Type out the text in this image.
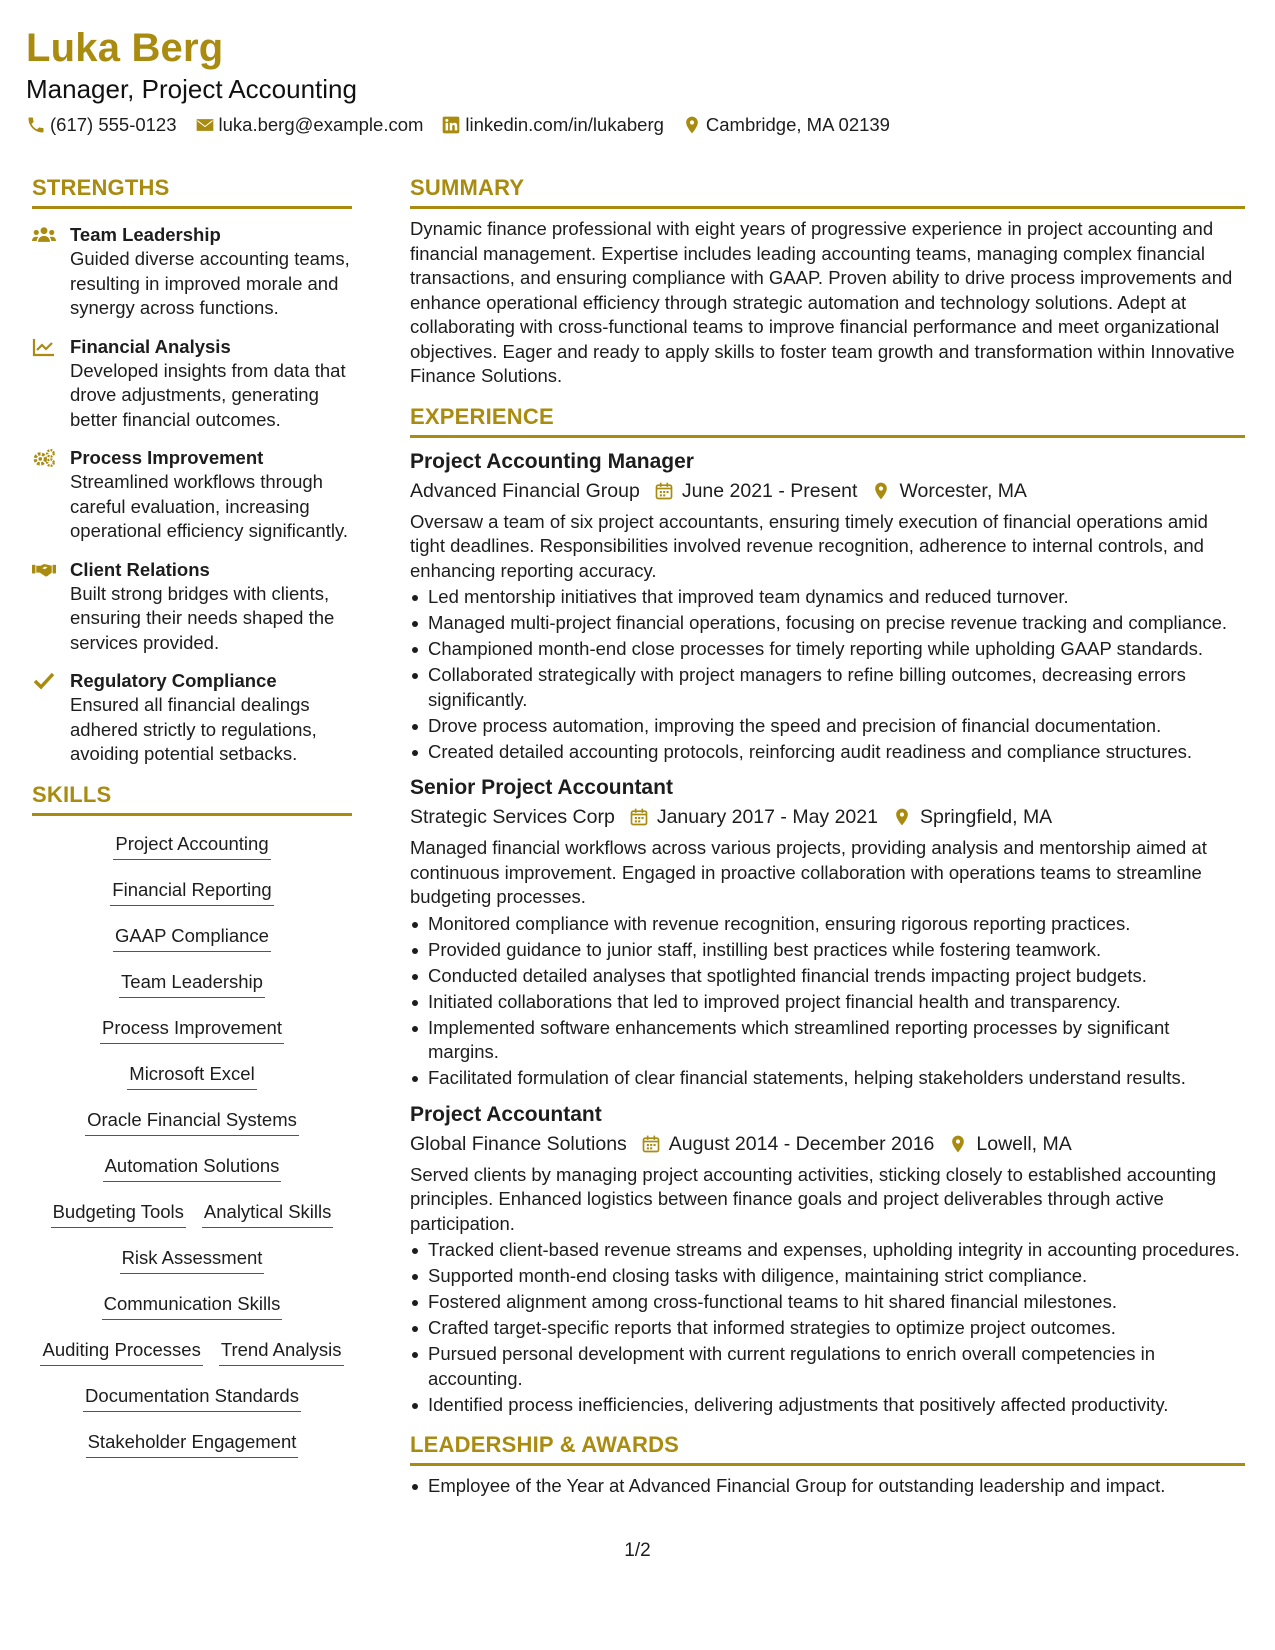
Luka Berg
Manager, Project Accounting
(617) 555-0123 luka.berg@example.com linkedin.com/in/lukaberg Cambridge, MA 02139
STRENGTHS
Team Leadership
Guided diverse accounting teams, resulting in improved morale and synergy across functions.
Financial Analysis
Developed insights from data that drove adjustments, generating better financial outcomes.
Process Improvement
Streamlined workflows through careful evaluation, increasing operational efficiency significantly.
Client Relations
Built strong bridges with clients, ensuring their needs shaped the services provided.
Regulatory Compliance
Ensured all financial dealings adhered strictly to regulations, avoiding potential setbacks.
SKILLS
Project Accounting
Financial Reporting
GAAP Compliance
Team Leadership
Process Improvement
Microsoft Excel
Oracle Financial Systems
Automation Solutions
Budgeting Tools Analytical Skills
Risk Assessment
Communication Skills
Auditing Processes Trend Analysis
Documentation Standards
Stakeholder Engagement
SUMMARY
Dynamic finance professional with eight years of progressive experience in project accounting and financial management. Expertise includes leading accounting teams, managing complex financial transactions, and ensuring compliance with GAAP. Proven ability to drive process improvements and enhance operational efficiency through strategic automation and technology solutions. Adept at collaborating with cross-functional teams to improve financial performance and meet organizational objectives. Eager and ready to apply skills to foster team growth and transformation within Innovative Finance Solutions.
EXPERIENCE
Project Accounting Manager
Advanced Financial Group June 2021 - Present Worcester, MA
Oversaw a team of six project accountants, ensuring timely execution of financial operations amid tight deadlines. Responsibilities involved revenue recognition, adherence to internal controls, and enhancing reporting accuracy.
Led mentorship initiatives that improved team dynamics and reduced turnover.
Managed multi-project financial operations, focusing on precise revenue tracking and compliance.
Championed month-end close processes for timely reporting while upholding GAAP standards.
Collaborated strategically with project managers to refine billing outcomes, decreasing errors significantly.
Drove process automation, improving the speed and precision of financial documentation.
Created detailed accounting protocols, reinforcing audit readiness and compliance structures.
Senior Project Accountant
Strategic Services Corp January 2017 - May 2021 Springfield, MA
Managed financial workflows across various projects, providing analysis and mentorship aimed at continuous improvement. Engaged in proactive collaboration with operations teams to streamline budgeting processes.
Monitored compliance with revenue recognition, ensuring rigorous reporting practices.
Provided guidance to junior staff, instilling best practices while fostering teamwork.
Conducted detailed analyses that spotlighted financial trends impacting project budgets.
Initiated collaborations that led to improved project financial health and transparency.
Implemented software enhancements which streamlined reporting processes by significant margins.
Facilitated formulation of clear financial statements, helping stakeholders understand results.
Project Accountant
Global Finance Solutions August 2014 - December 2016 Lowell, MA
Served clients by managing project accounting activities, sticking closely to established accounting principles. Enhanced logistics between finance goals and project deliverables through active participation.
Tracked client-based revenue streams and expenses, upholding integrity in accounting procedures.
Supported month-end closing tasks with diligence, maintaining strict compliance.
Fostered alignment among cross-functional teams to hit shared financial milestones.
Crafted target-specific reports that informed strategies to optimize project outcomes.
Pursued personal development with current regulations to enrich overall competencies in accounting.
Identified process inefficiencies, delivering adjustments that positively affected productivity.
LEADERSHIP & AWARDS
Employee of the Year at Advanced Financial Group for outstanding leadership and impact.
1/2
